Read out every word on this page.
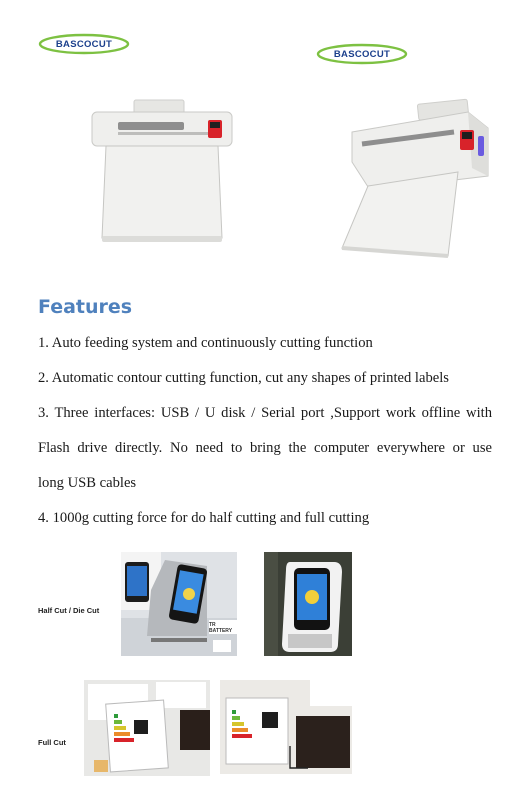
BASCOCUT
BASCOCUT
Features
1. Auto feeding system and continuously cutting function
2. Automatic contour cutting function, cut any shapes of printed labels
3. Three interfaces: USB / U disk / Serial port ,Support work offline with
Flash drive directly. No need to bring the computer everywhere or use
long USB cables
4. 1000g cutting force for do half cutting and full cutting
Half Cut / Die Cut
Full Cut
TR BATTERY
